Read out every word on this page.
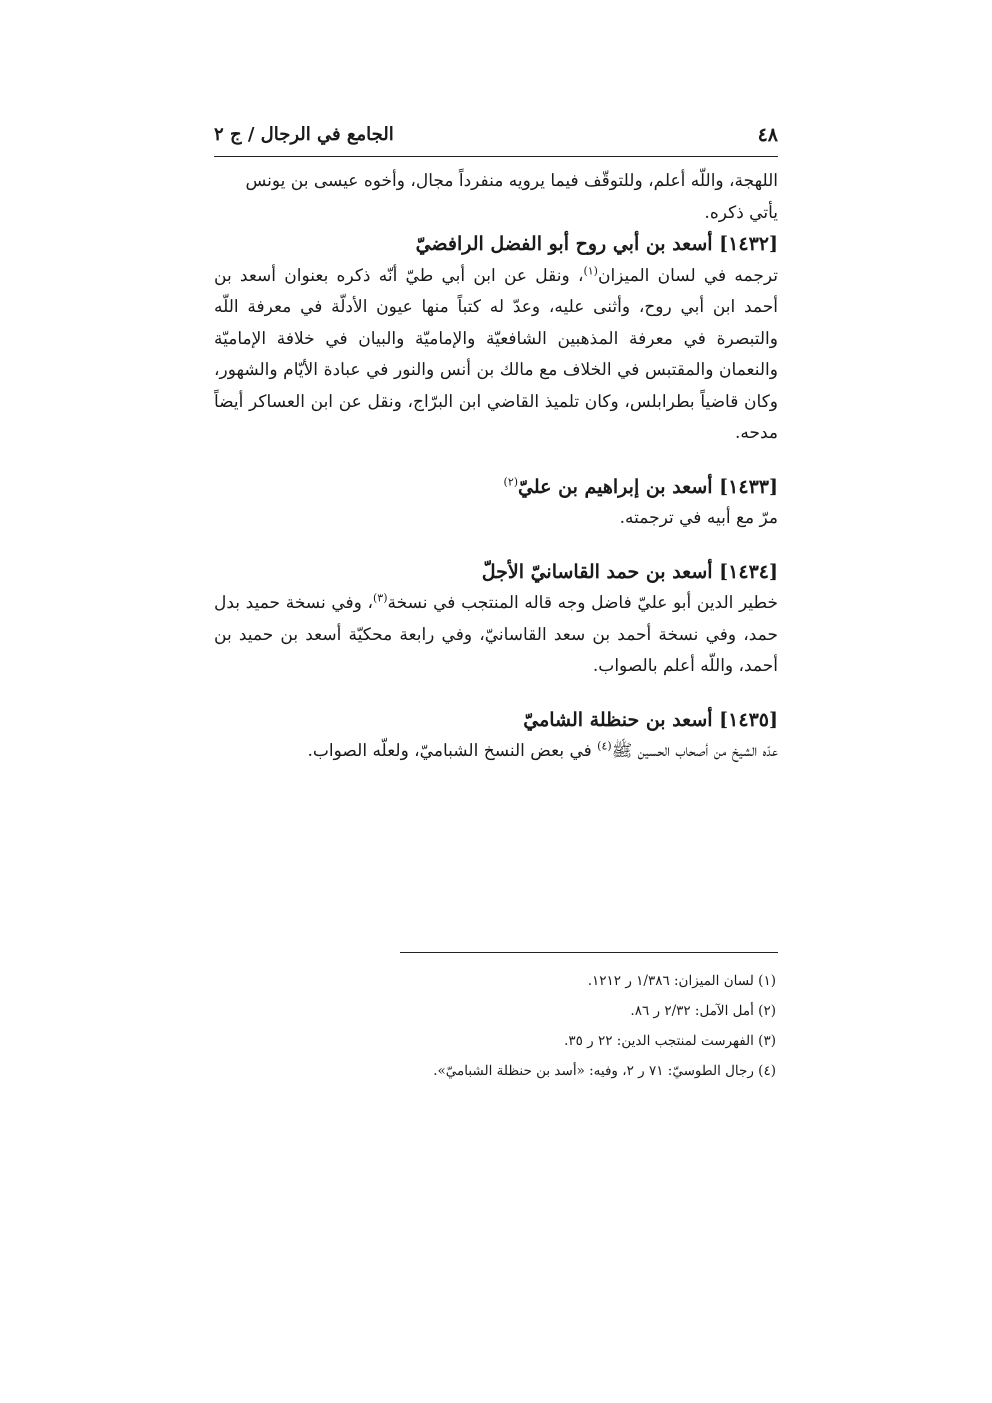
٤٨
الجامع في الرجال / ج ٢

اللهجة، واللّه أعلم، وللتوقّف فيما يرويه منفرداً مجال، وأخوه عيسى بن يونس

يأتي ذكره.

[١٤٣٢] أسعد بن أبي روح أبو الفضل الرافضيّ

ترجمه في لسان الميزان$^{(١)}$، ونقل عن ابن أبي طيّ أنّه ذكره بعنوان أسعد بن أحمد ابن أبي روح، وأثنى عليه، وعدّ له كتباً منها عيون الأدلّة في معرفة اللّه والتبصرة في معرفة المذهبين الشافعيّة والإماميّة والبيان في خلافة الإماميّة والنعمان والمقتبس في الخلاف مع مالك بن أنس والنور في عبادة الأيّام والشهور، وكان قاضياً بطرابلس، وكان تلميذ القاضي ابن البرّاج، ونقل عن ابن العساكر أيضاً مدحه.

[١٤٣٣] أسعد بن إبراهيم بن عليّ$^{(٢)}$

مرّ مع أبيه في ترجمته.

[١٤٣٤] أسعد بن حمد القاسانيّ الأجلّ

خطير الدين أبو عليّ فاضل وجه قاله المنتجب في نسخة$^{(٣)}$، وفي نسخة حميد بدل حمد، وفي نسخة أحمد بن سعد القاسانيّ، وفي رابعة محكيّة أسعد بن حميد بن أحمد، واللّه أعلم بالصواب.

[١٤٣٥] أسعد بن حنظلة الشاميّ

عدّه الشيخ من أصحاب الحسين ﷺ$^{(٤)}$ في بعض النسخ الشباميّ، ولعلّه الصواب.

(١) لسان الميزان: ١/٣٨٦ ر ١٢١٢.
(٢) أمل الآمل: ٢/٣٢ ر ٨٦.
(٣) الفهرست لمنتجب الدين: ٢٢ ر ٣٥.
(٤) رجال الطوسيّ: ٧١ ر ٢، وفيه: «أسد بن حنظلة الشباميّ».
